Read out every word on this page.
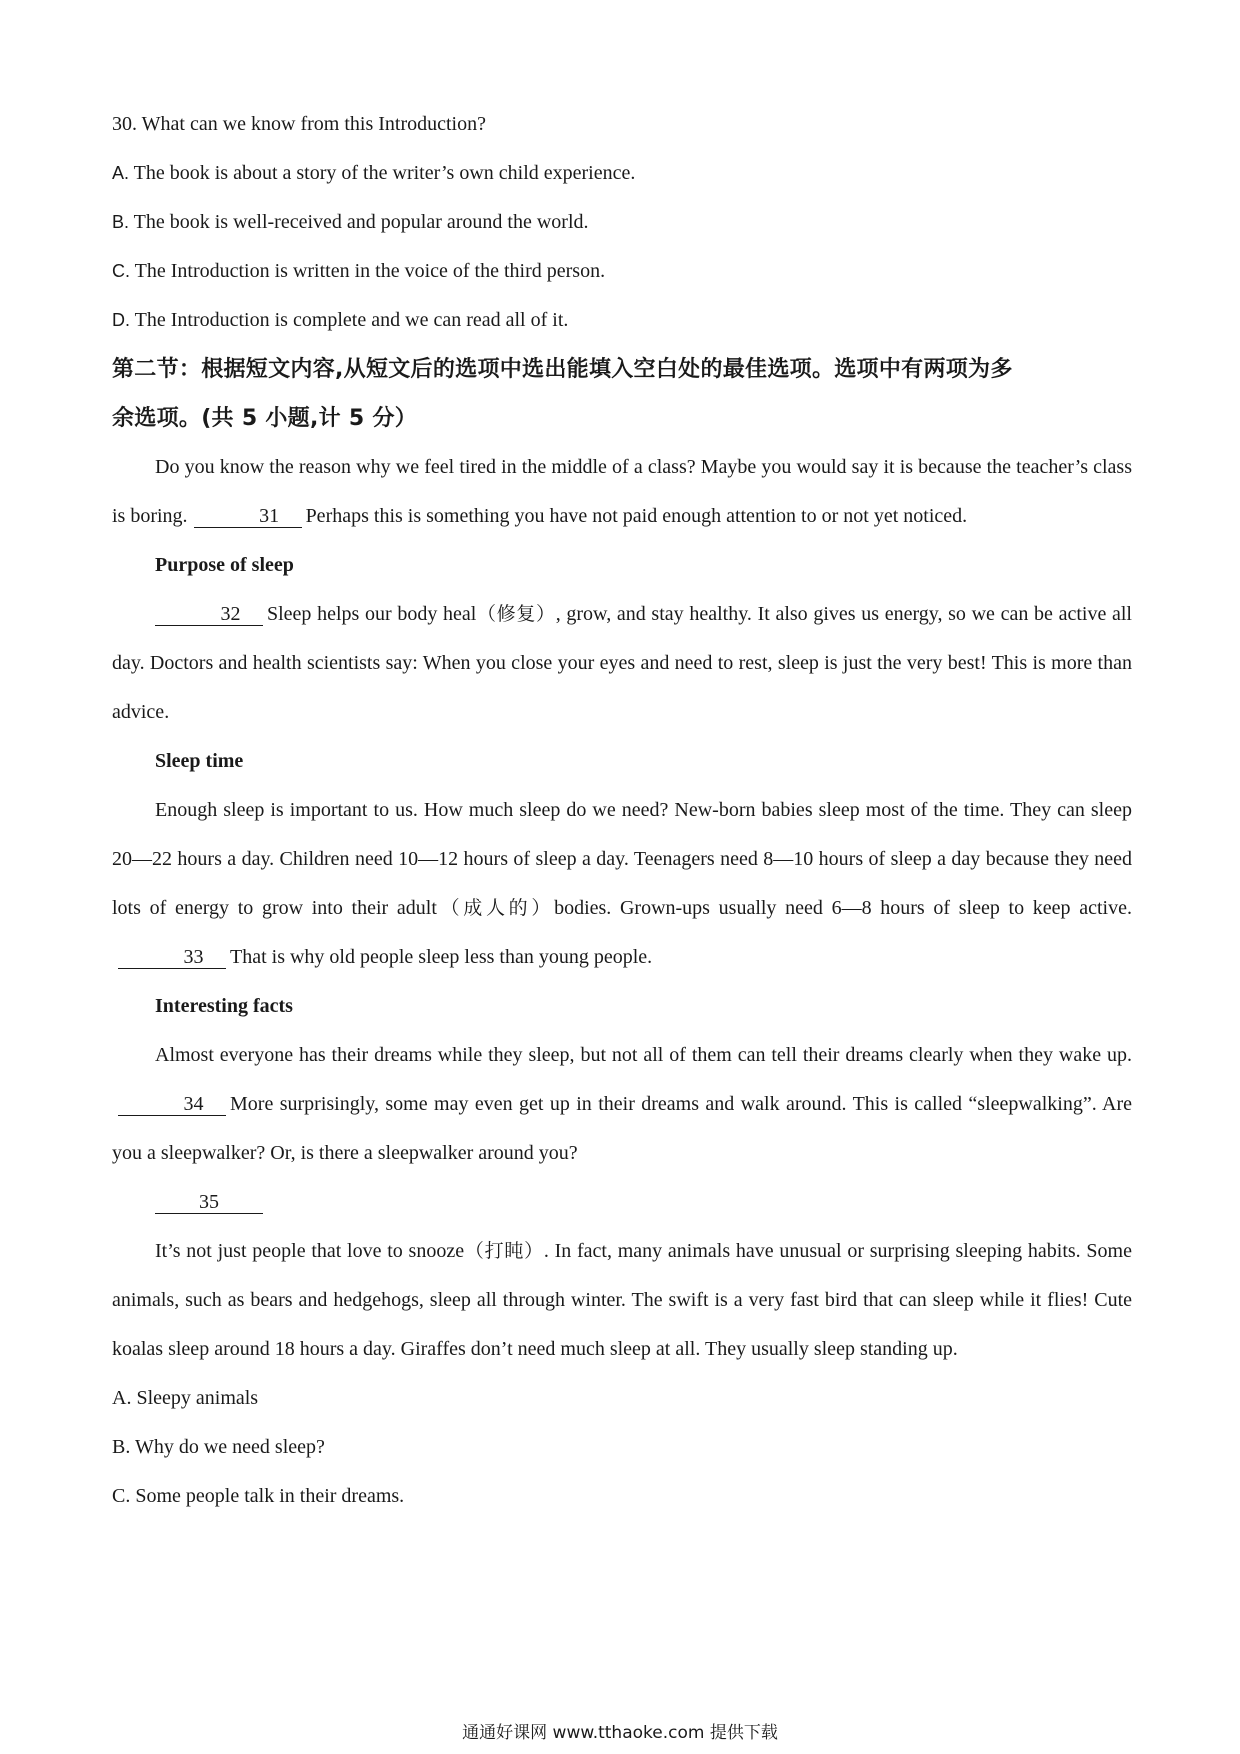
30. What can we know from this Introduction?

A. The book is about a story of the writer’s own child experience.

B. The book is well-received and popular around the world.

C. The Introduction is written in the voice of the third person.

D. The Introduction is complete and we can read all of it.

第二节：根据短文内容,从短文后的选项中选出能填入空白处的最佳选项。选项中有两项为多

余选项。(共 5 小题,计 5 分）

Do you know the reason why we feel tired in the middle of a class? Maybe you would say it is because the teacher’s class is boring.	31 Perhaps this is something you have not paid enough attention to or not yet noticed.

Purpose of sleep

32 Sleep helps our body heal（修复）, grow, and stay healthy. It also gives us energy, so we can be active all day. Doctors and health scientists say: When you close your eyes and need to rest, sleep is just the very best! This is more than advice.

Sleep time

Enough sleep is important to us. How much sleep do we need? New-born babies sleep most of the time. They can sleep 20—22 hours a day. Children need 10—12 hours of sleep a day. Teenagers need 8—10 hours of sleep a day because they need lots of energy to grow into their adult（成人的）bodies. Grown-ups usually need 6—8 hours of sleep to keep active. 33 That is why old people sleep less than young people.

Interesting facts

Almost everyone has their dreams while they sleep, but not all of them can tell their dreams clearly when they wake up. 34 More surprisingly, some may even get up in their dreams and walk around. This is called “sleepwalking”. Are you a sleepwalker? Or, is there a sleepwalker around you?

35

It’s not just people that love to snooze（打盹）. In fact, many animals have unusual or surprising sleeping habits. Some animals, such as bears and hedgehogs, sleep all through winter. The swift is a very fast bird that can sleep while it flies! Cute koalas sleep around 18 hours a day. Giraffes don’t need much sleep at all. They usually sleep standing up.

A. Sleepy animals

B. Why do we need sleep?

C. Some people talk in their dreams.

通通好课网 www.tthaoke.com 提供下载
